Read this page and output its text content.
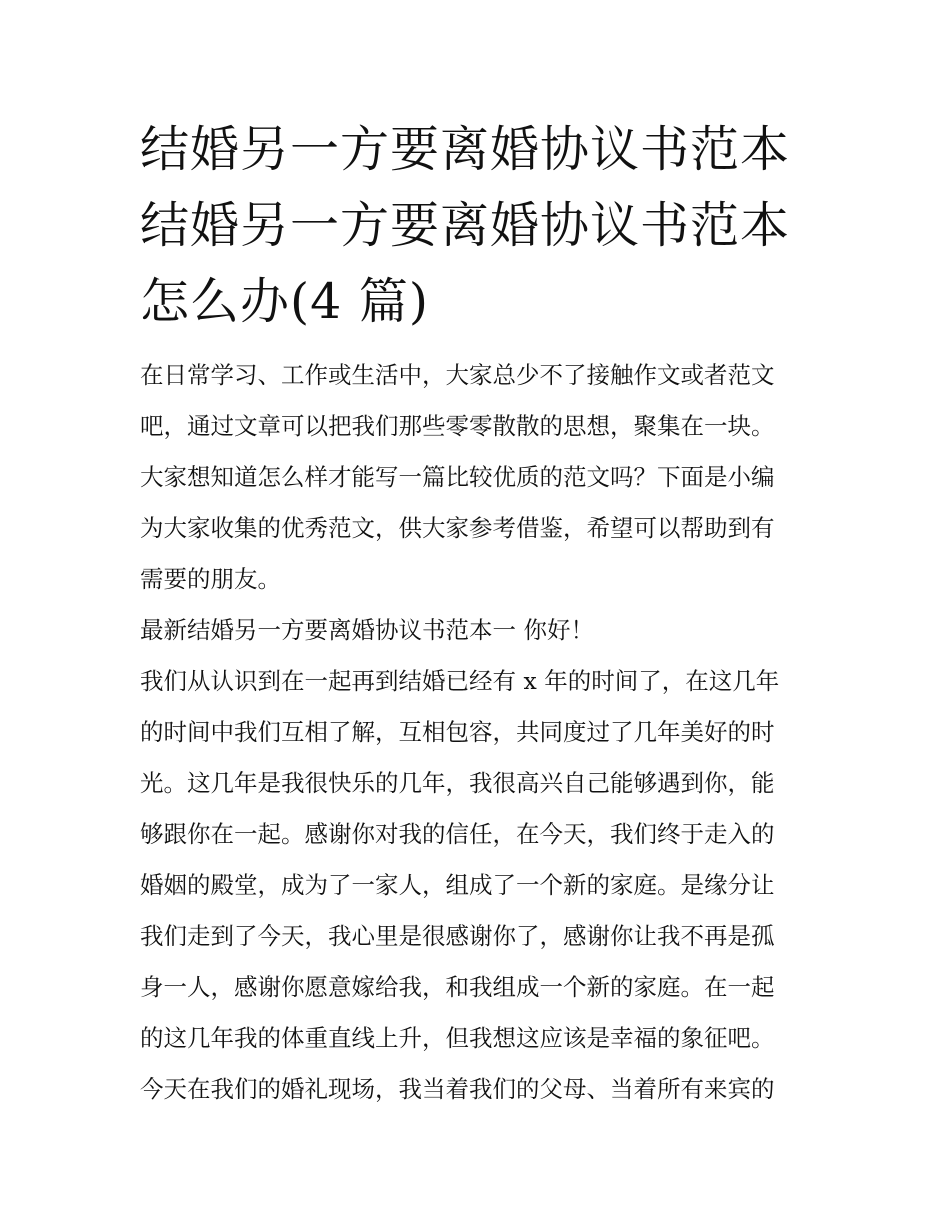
结婚另一方要离婚协议书范本
结婚另一方要离婚协议书范本
怎么办(4 篇)

在日常学习、工作或生活中，大家总少不了接触作文或者范文
吧，通过文章可以把我们那些零零散散的思想，聚集在一块。
大家想知道怎么样才能写一篇比较优质的范文吗？下面是小编
为大家收集的优秀范文，供大家参考借鉴，希望可以帮助到有
需要的朋友。

最新结婚另一方要离婚协议书范本一 你好！

我们从认识到在一起再到结婚已经有 x 年的时间了，在这几年
的时间中我们互相了解，互相包容，共同度过了几年美好的时
光。这几年是我很快乐的几年，我很高兴自己能够遇到你，能
够跟你在一起。感谢你对我的信任，在今天，我们终于走入的
婚姻的殿堂，成为了一家人，组成了一个新的家庭。是缘分让
我们走到了今天，我心里是很感谢你了，感谢你让我不再是孤
身一人，感谢你愿意嫁给我，和我组成一个新的家庭。在一起
的这几年我的体重直线上升，但我想这应该是幸福的象征吧。
今天在我们的婚礼现场，我当着我们的父母、当着所有来宾的
